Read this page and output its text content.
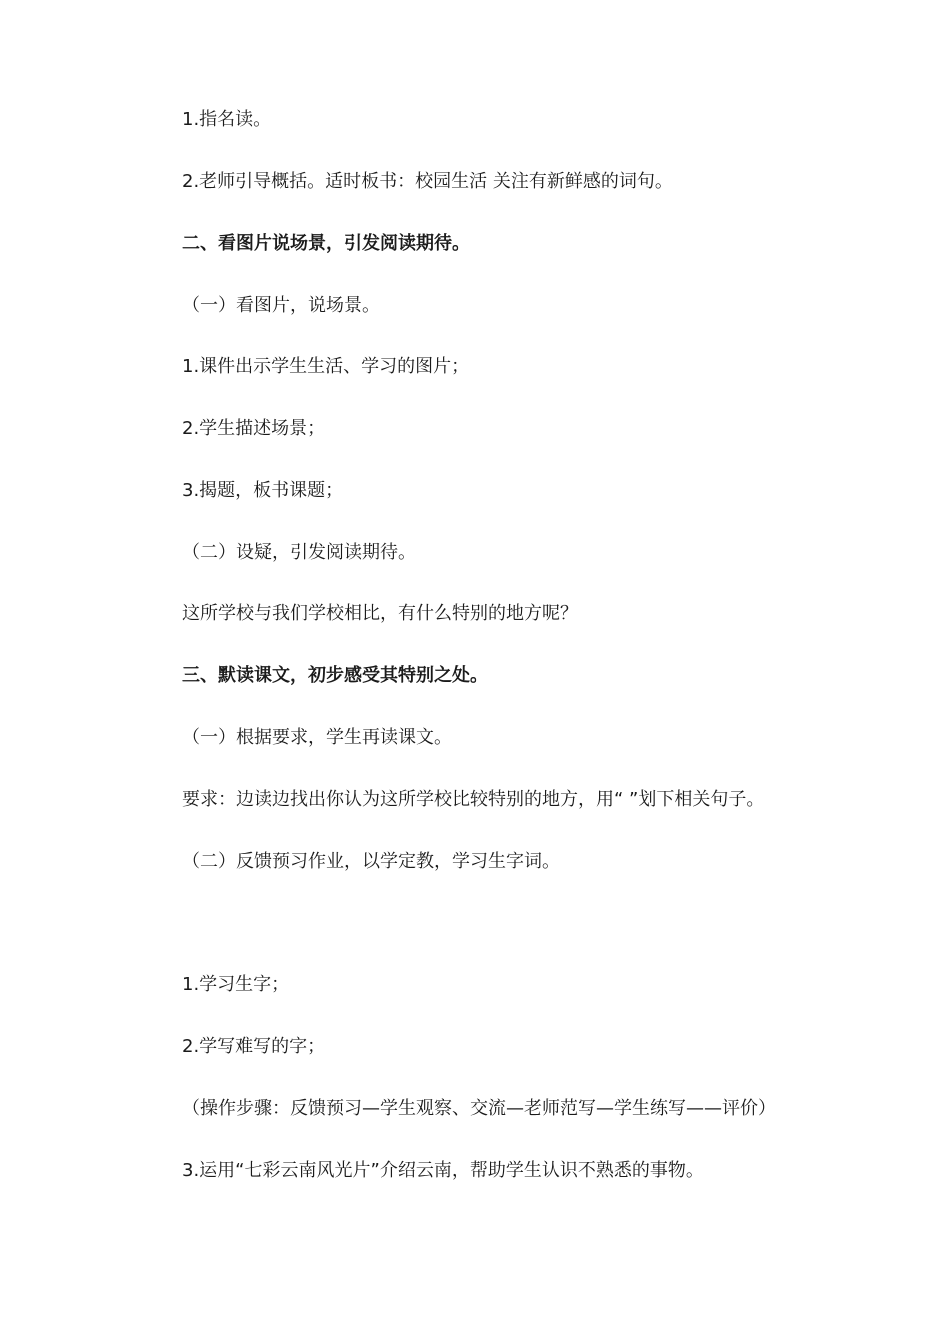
1.指名读。
2.老师引导概括。适时板书：校园生活 关注有新鲜感的词句。
二、看图片说场景，引发阅读期待。
（一）看图片，说场景。
1.课件出示学生生活、学习的图片；
2.学生描述场景；
3.揭题，板书课题；
（二）设疑，引发阅读期待。
这所学校与我们学校相比，有什么特别的地方呢？
三、默读课文，初步感受其特别之处。
（一）根据要求，学生再读课文。
要求：边读边找出你认为这所学校比较特别的地方，用“ ”划下相关句子。
（二）反馈预习作业，以学定教，学习生字词。
1.学习生字；
2.学写难写的字；
（操作步骤：反馈预习—学生观察、交流—老师范写—学生练写——评价）
3.运用“七彩云南风光片”介绍云南，帮助学生认识不熟悉的事物。
